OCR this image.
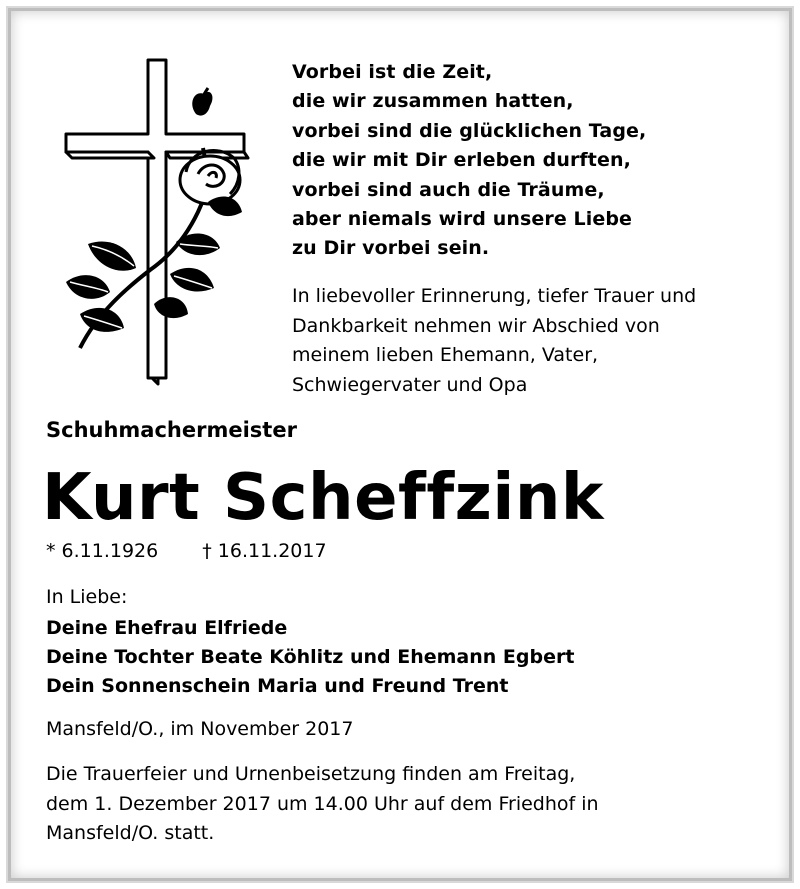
Vorbei ist die Zeit,
die wir zusammen hatten,
vorbei sind die glücklichen Tage,
die wir mit Dir erleben durften,
vorbei sind auch die Träume,
aber niemals wird unsere Liebe
zu Dir vorbei sein.
In liebevoller Erinnerung, tiefer Trauer und
Dankbarkeit nehmen wir Abschied von
meinem lieben Ehemann, Vater,
Schwiegervater und Opa
Schuhmachermeister
Kurt Scheffzink
* 6.11.1926 † 16.11.2017
In Liebe:
Deine Ehefrau Elfriede
Deine Tochter Beate Köhlitz und Ehemann Egbert
Dein Sonnenschein Maria und Freund Trent
Mansfeld/O., im November 2017
Die Trauerfeier und Urnenbeisetzung finden am Freitag,
dem 1. Dezember 2017 um 14.00 Uhr auf dem Friedhof in
Mansfeld/O. statt.
